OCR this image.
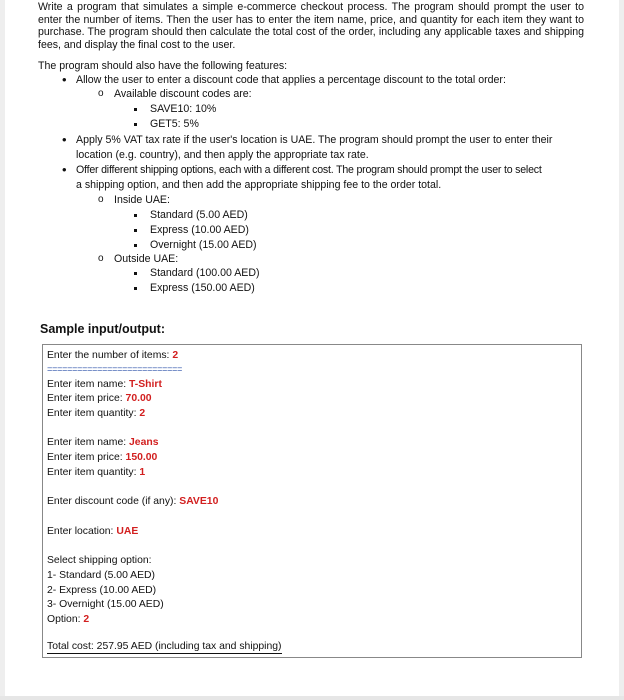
Write a program that simulates a simple e-commerce checkout process. The program should prompt the user to enter the number of items. Then the user has to enter the item name, price, and quantity for each item they want to purchase. The program should then calculate the total cost of the order, including any applicable taxes and shipping fees, and display the final cost to the user.

The program should also have the following features:
• Allow the user to enter a discount code that applies a percentage discount to the total order:
o Available discount codes are:
SAVE10: 10%
GET5: 5%
• Apply 5% VAT tax rate if the user's location is UAE. The program should prompt the user to enter their
location (e.g. country), and then apply the appropriate tax rate.
• Offer different shipping options, each with a different cost. The program should prompt the user to select
a shipping option, and then add the appropriate shipping fee to the order total.
o Inside UAE:
Standard (5.00 AED)
Express (10.00 AED)
Overnight (15.00 AED)
o Outside UAE:
Standard (100.00 AED)
Express (150.00 AED)
Sample input/output:
Enter the number of items: 2
===========================
Enter item name: T-Shirt
Enter item price: 70.00
Enter item quantity: 2
Enter item name: Jeans
Enter item price: 150.00
Enter item quantity: 1
Enter discount code (if any): SAVE10
Enter location: UAE
Select shipping option:
1- Standard (5.00 AED)
2- Express (10.00 AED)
3- Overnight (15.00 AED)
Option: 2
Total cost: 257.95 AED (including tax and shipping)
